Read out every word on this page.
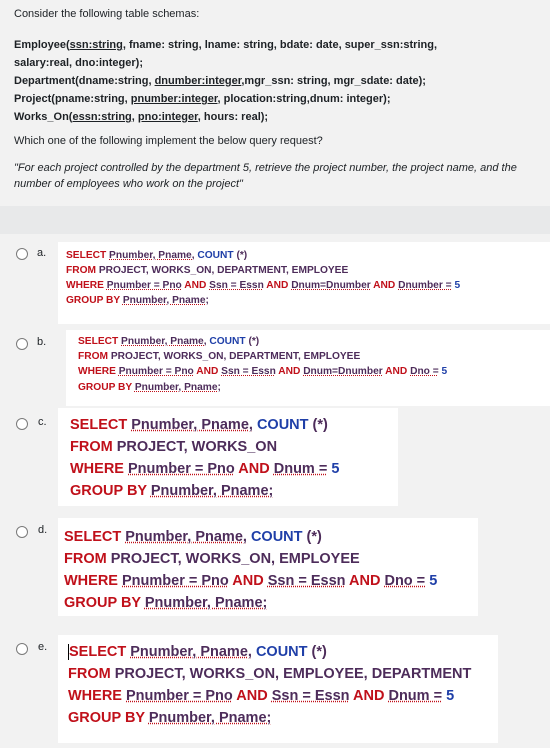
Consider the following table schemas:

Employee(ssn:string, fname: string, lname: string, bdate: date, super_ssn:string,
salary:real, dno:integer);
Department(dname:string, dnumber:integer,mgr_ssn: string, mgr_sdate: date);
Project(pname:string, pnumber:integer, plocation:string,dnum: integer);
Works_On(essn:string, pno:integer, hours: real);
Which one of the following implement the below query request?
"For each project controlled by the department 5, retrieve the project number, the project name, and the number of employees who work on the project"
a. SELECT Pnumber, Pname, COUNT (*)
FROM PROJECT, WORKS_ON, DEPARTMENT, EMPLOYEE
WHERE Pnumber = Pno AND Ssn = Essn AND Dnum=Dnumber AND Dnumber = 5
GROUP BY Pnumber, Pname;
b.	SELECT Pnumber, Pname, COUNT (*)
FROM PROJECT, WORKS_ON, DEPARTMENT, EMPLOYEE
WHERE Pnumber = Pno AND Ssn = Essn AND Dnum=Dnumber AND Dno = 5
GROUP BY Pnumber, Pname;
c. SELECT Pnumber, Pname, COUNT (*)
FROM PROJECT, WORKS_ON
WHERE Pnumber = Pno AND Dnum = 5
GROUP BY Pnumber, Pname;
d. SELECT Pnumber, Pname, COUNT (*)
FROM PROJECT, WORKS_ON, EMPLOYEE
WHERE Pnumber = Pno AND Ssn = Essn AND Dno = 5
GROUP BY Pnumber, Pname;
e. SELECT Pnumber, Pname, COUNT (*)
FROM PROJECT, WORKS_ON, EMPLOYEE, DEPARTMENT
WHERE Pnumber = Pno AND Ssn = Essn AND Dnum = 5
GROUP BY Pnumber, Pname;
